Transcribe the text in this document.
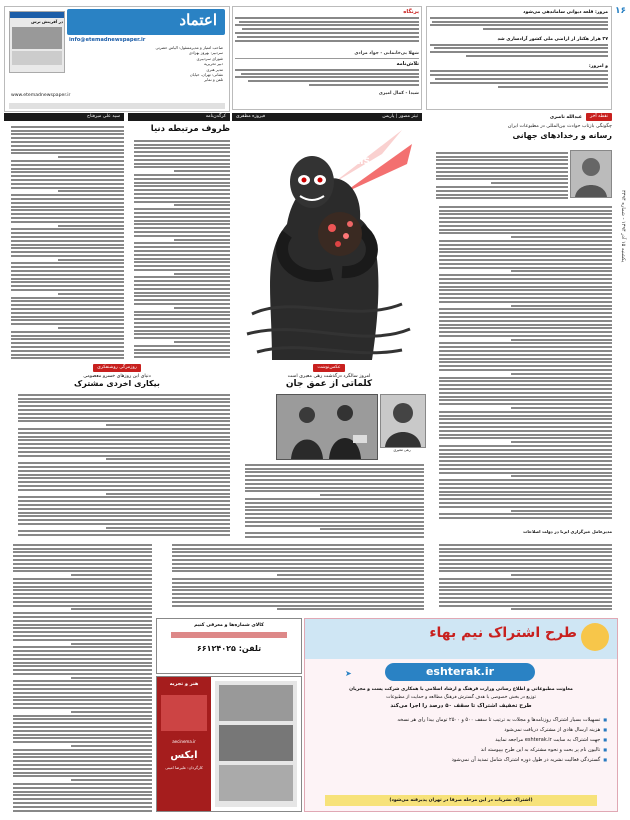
در آفرینش ترس	اعتماد
info@etemadnewspaper.ir
صاحب امتیاز و مدیرمسئول: الیاس حضرتی
سردبیر: بهروز بهزادی
شورای سردبیری
دبیر تحریریه
مدیر هنری
نشانی: تهران، خیابان
تلفن و نمابر
www.etemadnewspaper.ir
برنگاه
شهلا بی‌خانمانی - جواد مرادی
تلاش‌نامه
شیدا - کمال امیری
مرور: قلعه دیوانی ساماندهی می‌شود
۳۷ هزار هکتار از اراضی ملی کشور آزادسازی شد
و امروز:
۱۶
یکشنبه ۱۵ آذر ۱۳۹۴ - شماره ۳۳۹۴
سید علی میرفتاح	کرگدن‌نامه	تیتر مصور | پاریس
فیروزه مظفری	نقطه آخر
عبدالله ناصری
ظروف مرتبطه دنیا
PARIS
چگونگی بازتاب حوادث بین‌المللی در مطبوعات ایران
رسانه و رخدادهای جهانی
مدیرعامل خبرگزاری ایرنا در دولت اصلاحات
روزمرگی روشنفکری
دنیای این روزهای خسرو معصومی
بیکاری اخردی مشترک
عکس‌نوشت
امروز سالگرد درگذشت رهی معیری است
کلماتی از عمق جان
رهی معیری
کالای شماره‌ها و معرفی کنیم
تلفن: ۶۶۱۲۴۰۲۵
هنر و تجربه
aecinema.ir
ایکس
کارگردان: علیرضا امینی
طرح اشتراک نیم بهاء
eshterak.ir
➤
معاونت مطبوعاتی و اطلاع رسانی وزارت فرهنگ و ارشاد اسلامی با همکاری شرکت پست و مجریان
توزیع در بخش خصوصی با هدف گسترش فرهنگ مطالعه و حمایت از مطبوعات
طرح تخفیف اشتراک تا سقف ۵۰ درصد را اجرا می‌کند
■ تسهیلات بسیار اشتراک روزنامه‌ها و مجلات به ترتیب تا سقف ۵۰۰ و ۲۵۰۰ تومان بیدا رای هر نسخه
■ هزینه ارسال هادی از مشترک دریافت نمی‌شود
■ جهت اشتراک به سایت eshterak.ir مراجعه نمایید
■ تالیون نام پر بحت و نحوه مشترکه به این طرح بپیوسته اند
■ گستردگی فعالیت نشریه در طول دوره اشتراک شامل تمدید آن نمی‌شود
(اشتراک نشریات در این مرحله صرفا در تهران پذیرفته می‌شود)
